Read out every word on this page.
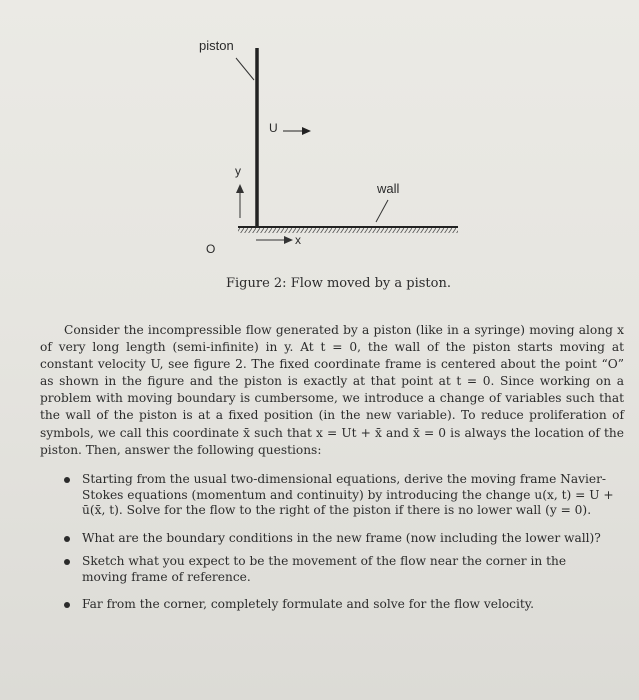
piston
U
y
wall
O
x
Figure 2: Flow moved by a piston.

Consider the incompressible flow generated by a piston (like in a syringe) moving along x of very long length (semi-infinite) in y. At t = 0, the wall of the piston starts moving at constant velocity U, see figure 2. The fixed coordinate frame is centered about the point “O” as shown in the figure and the piston is exactly at that point at t = 0. Since working on a problem with moving boundary is cumbersome, we introduce a change of variables such that the wall of the piston is at a fixed position (in the new variable). To reduce proliferation of symbols, we call this coordinate x̄ such that x = Ut + x̄ and x̄ = 0 is always the location of the piston. Then, answer the following questions:

Starting from the usual two-dimensional equations, derive the moving frame Navier-Stokes equations (momentum and continuity) by introducing the change u(x, t) = U + ū(x̄, t). Solve for the flow to the right of the piston if there is no lower wall (y = 0).
What are the boundary conditions in the new frame (now including the lower wall)?
Sketch what you expect to be the movement of the flow near the corner in the moving frame of reference.
Far from the corner, completely formulate and solve for the flow velocity.
